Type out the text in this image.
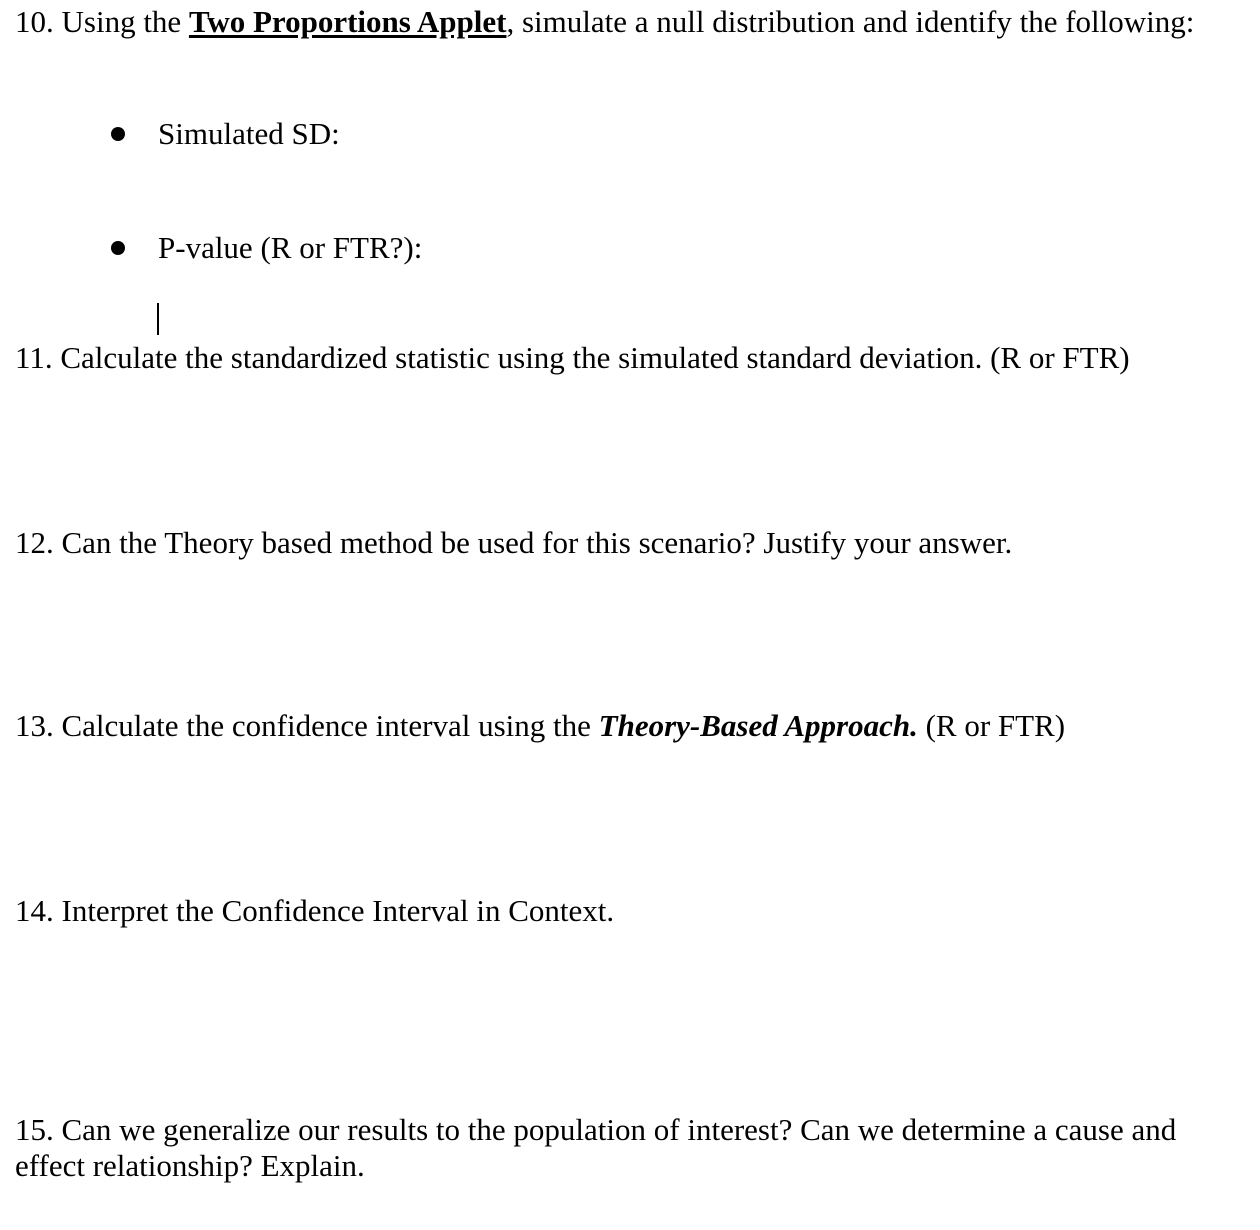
10. Using the Two Proportions Applet, simulate a null distribution and identify the following:

Simulated SD:
P-value (R or FTR?):

11. Calculate the standardized statistic using the simulated standard deviation. (R or FTR)

12. Can the Theory based method be used for this scenario? Justify your answer.

13. Calculate the confidence interval using the Theory-Based Approach. (R or FTR)

14. Interpret the Confidence Interval in Context.

15. Can we generalize our results to the population of interest? Can we determine a cause and effect relationship? Explain.
